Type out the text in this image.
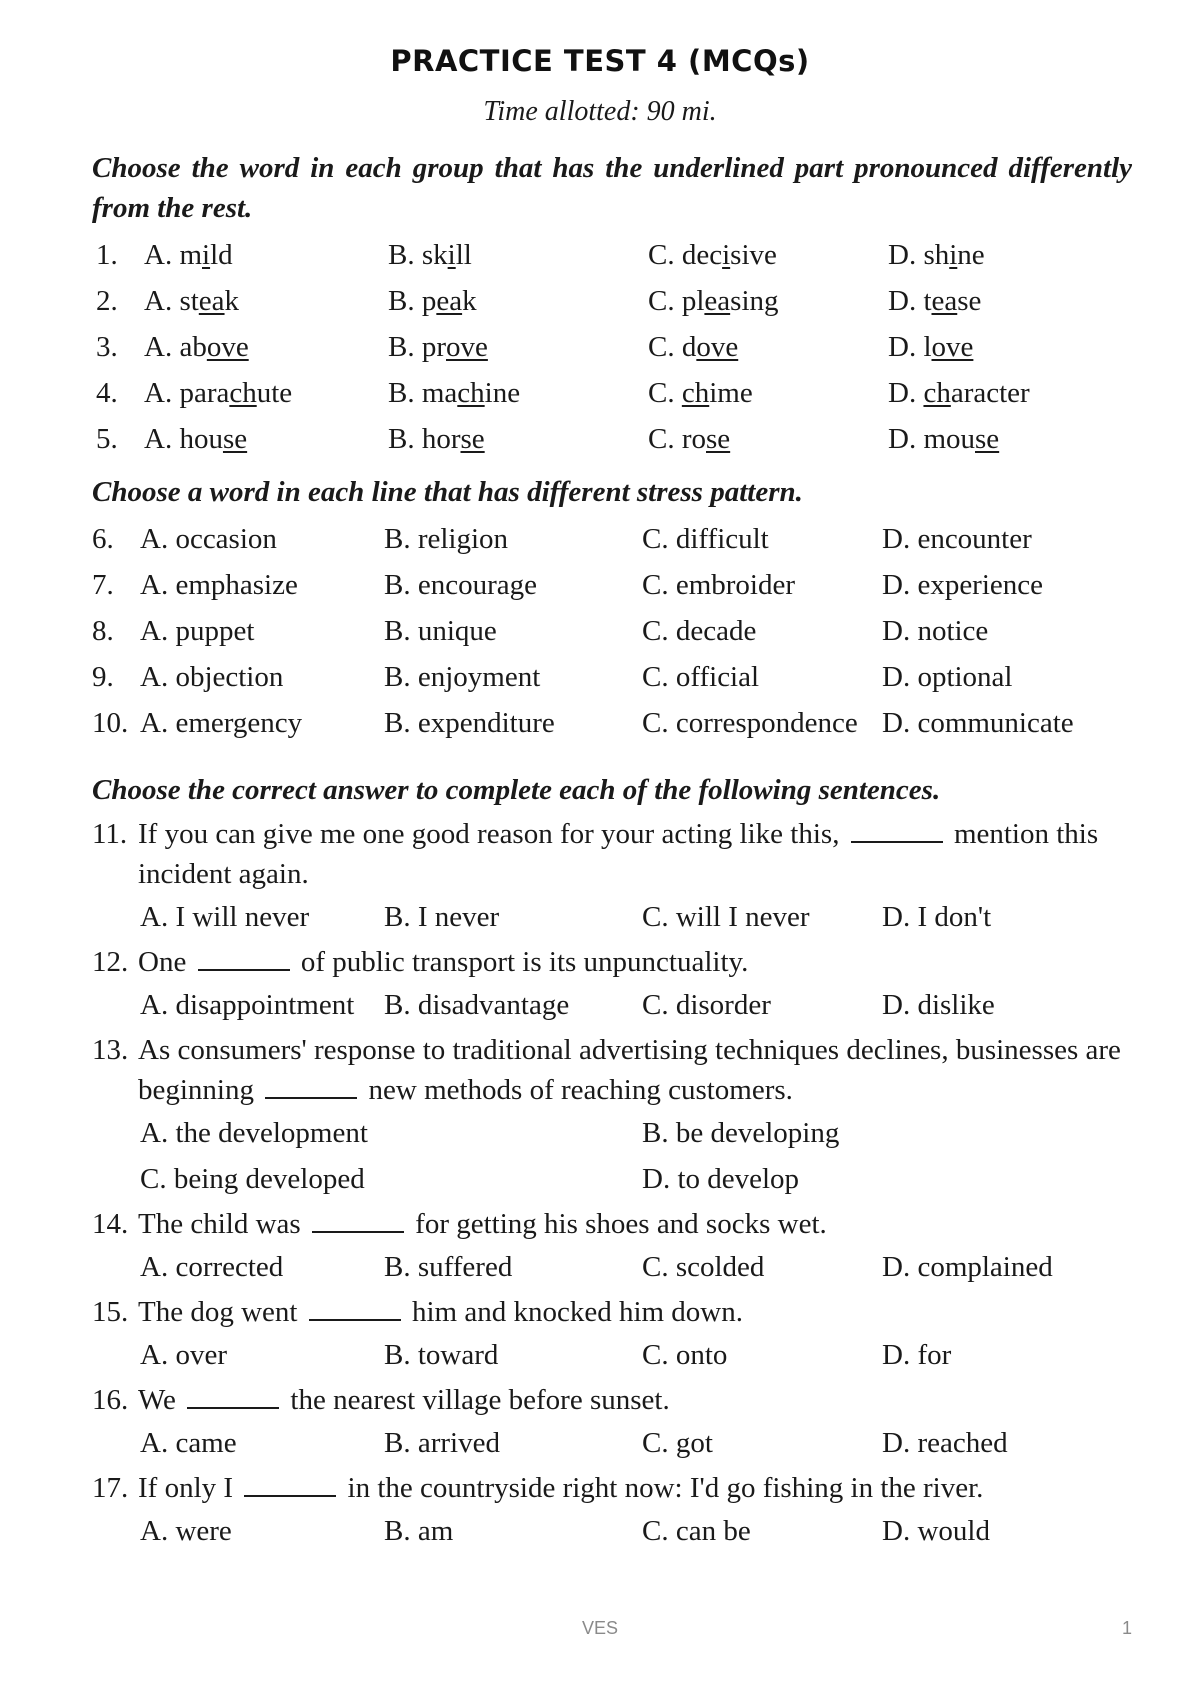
PRACTICE TEST 4 (MCQs)
Time allotted: 90 mi.
Choose the word in each group that has the underlined part pronounced differently from the rest.
1. A. mild	B. skill	C. decisive	D. shine
2. A. steak	B. peak	C. pleasing	D. tease
3. A. above	B. prove	C. dove	D. love
4. A. parachute	B. machine	C. chime	D. character
5. A. house	B. horse	C. rose	D. mouse
Choose a word in each line that has different stress pattern.
6. A. occasion	B. religion	C. difficult	D. encounter
7. A. emphasize	B. encourage	C. embroider	D. experience
8. A. puppet	B. unique	C. decade	D. notice
9. A. objection	B. enjoyment	C. official	D. optional
10. A. emergency	B. expenditure	C. correspondence D. communicate
Choose the correct answer to complete each of the following sentences.
11. If you can give me one good reason for your acting like this,	mention this incident again.
A. I will never	B. I never	C. will I never D. I don't
12. One	of public transport is its unpunctuality.
A. disappointment B. disadvantage	C. disorder	D. dislike
13. As consumers' response to traditional advertising techniques declines, businesses are beginning	new methods of reaching customers.
A. the development	B. be developing
C. being developed	D. to develop
14. The child was	for getting his shoes and socks wet.
A. corrected	B. suffered	C. scolded	D. complained
15. The dog went	him and knocked him down.
A. over	B. toward	C. onto	D. for
16. We	the nearest village before sunset.
A. came	B. arrived	C. got	D. reached
17. If only I	in the countryside right now: I'd go fishing in the river.
A. were	B. am	C. can be	D. would
VES	1
